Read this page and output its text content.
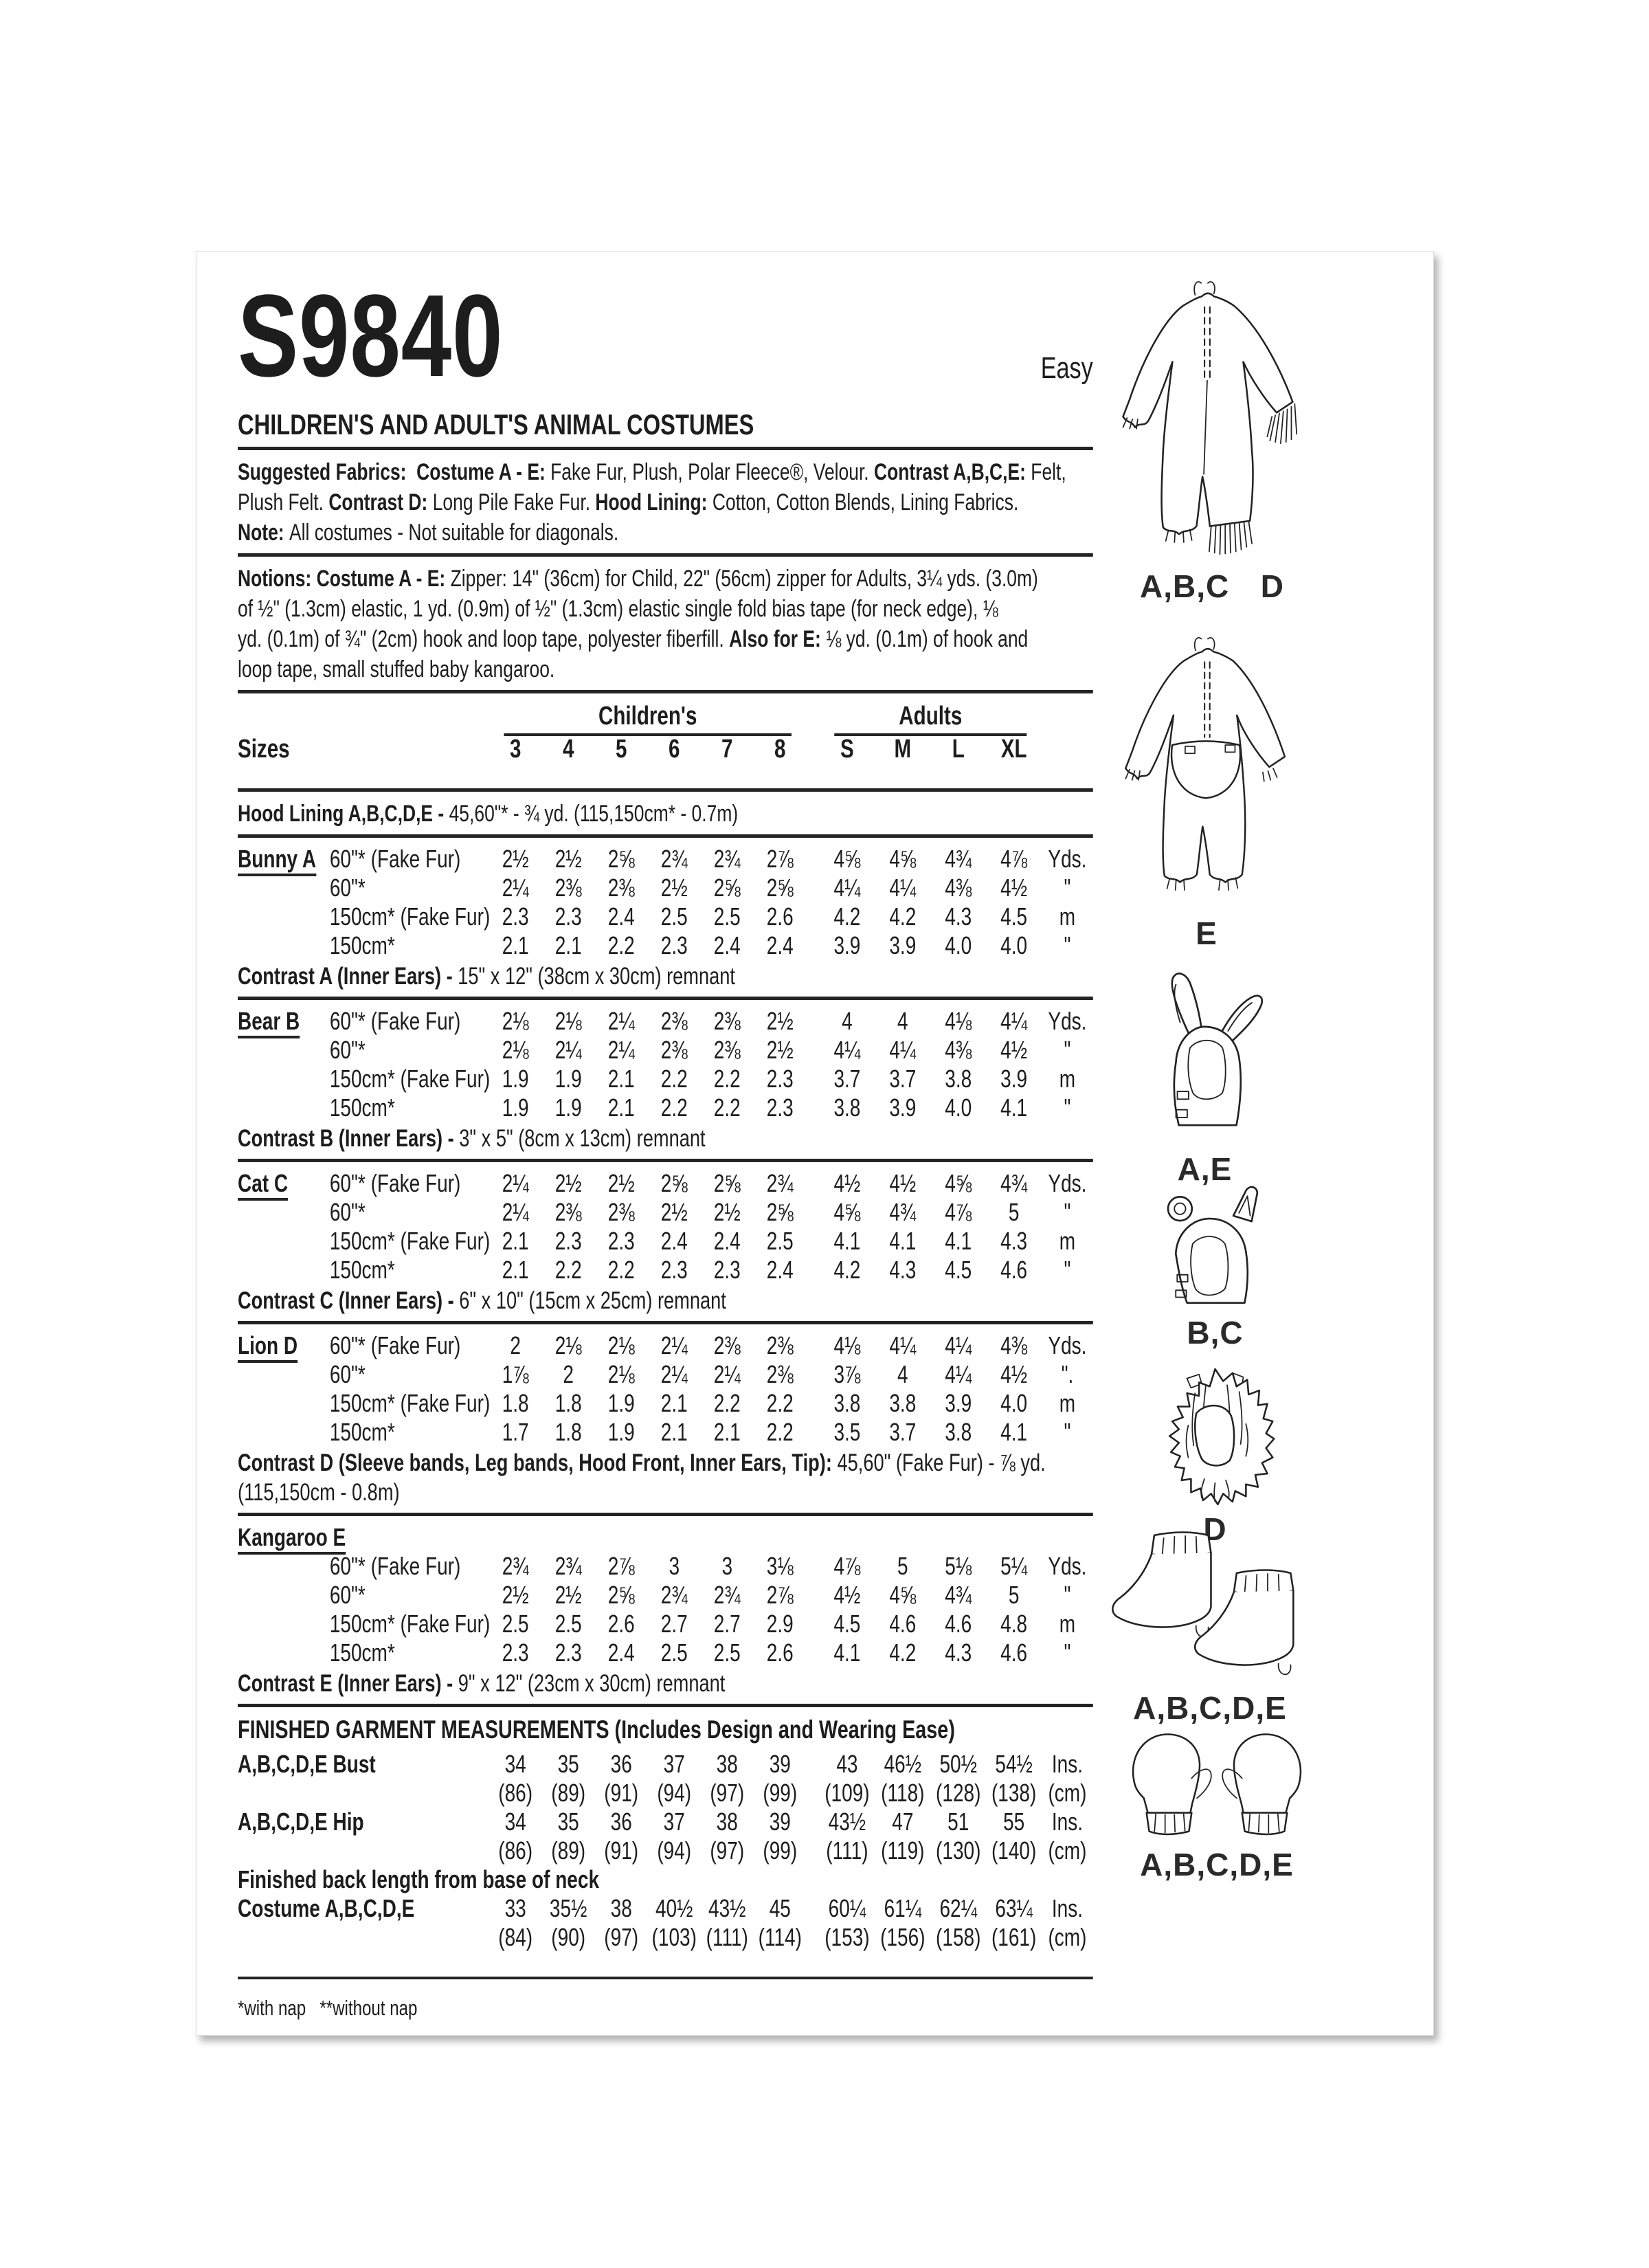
S9840	Easy
CHILDREN'S AND ADULT'S ANIMAL COSTUMES
Suggested Fabrics:  Costume A - E: Fake Fur, Plush, Polar Fleece®, Velour. Contrast A,B,C,E: Felt,
Plush Felt. Contrast D: Long Pile Fake Fur. Hood Lining: Cotton, Cotton Blends, Lining Fabrics.
Note: All costumes - Not suitable for diagonals.
Notions: Costume A - E: Zipper: 14" (36cm) for Child, 22" (56cm) zipper for Adults, 3¼ yds. (3.0m)
of ½" (1.3cm) elastic, 1 yd. (0.9m) of ½" (1.3cm) elastic single fold bias tape (for neck edge), ⅛
yd. (0.1m) of ¾" (2cm) hook and loop tape, polyester fiberfill. Also for E: ⅛ yd. (0.1m) of hook and
loop tape, small stuffed baby kangaroo.
Children's	Adults
Sizes	3	4	5	6	7	8	S	M	L	XL
Hood Lining A,B,C,D,E - 45,60"* - ¾ yd. (115,150cm* - 0.7m)
Bunny A 60"* (Fake Fur)	2½	2½	2⅝	2¾	2¾	2⅞	4⅝	4⅝	4¾	4⅞ Yds.
60"*	2¼	2⅜	2⅜	2½	2⅝	2⅝	4¼	4¼	4⅜	4½	"
150cm* (Fake Fur) 2.3	2.3	2.4	2.5	2.5	2.6	4.2	4.2	4.3	4.5	m
150cm*	2.1	2.1	2.2	2.3	2.4	2.4	3.9	3.9	4.0	4.0	"
Contrast A (Inner Ears) - 15" x 12" (38cm x 30cm) remnant
Bear B	60"* (Fake Fur)	2⅛	2⅛	2¼	2⅜	2⅜	2½	4	4	4⅛	4¼ Yds.
60"*	2⅛	2¼	2¼	2⅜	2⅜	2½	4¼	4¼	4⅜	4½	"
150cm* (Fake Fur) 1.9	1.9	2.1	2.2	2.2	2.3	3.7	3.7	3.8	3.9	m
150cm*	1.9	1.9	2.1	2.2	2.2	2.3	3.8	3.9	4.0	4.1	"
Contrast B (Inner Ears) - 3" x 5" (8cm x 13cm) remnant
Cat C	60"* (Fake Fur)	2¼	2½	2½	2⅝	2⅝	2¾	4½	4½	4⅝	4¾ Yds.
60"*	2¼	2⅜	2⅜	2½	2½	2⅝	4⅝	4¾	4⅞	5	"
150cm* (Fake Fur) 2.1	2.3	2.3	2.4	2.4	2.5	4.1	4.1	4.1	4.3	m
150cm*	2.1	2.2	2.2	2.3	2.3	2.4	4.2	4.3	4.5	4.6	"
Contrast C (Inner Ears) - 6" x 10" (15cm x 25cm) remnant
Lion D	60"* (Fake Fur)	2	2⅛	2⅛	2¼	2⅜	2⅜	4⅛	4¼	4¼	4⅜ Yds.
60"*	1⅞	2	2⅛	2¼	2¼	2⅜	3⅞	4	4¼	4½	".
150cm* (Fake Fur) 1.8	1.8	1.9	2.1	2.2	2.2	3.8	3.8	3.9	4.0	m
150cm*	1.7	1.8	1.9	2.1	2.1	2.2	3.5	3.7	3.8	4.1	"
Contrast D (Sleeve bands, Leg bands, Hood Front, Inner Ears, Tip): 45,60" (Fake Fur) - ⅞ yd.
(115,150cm - 0.8m)
Kangaroo E
60"* (Fake Fur)	2¾	2¾	2⅞	3	3	3⅛	4⅞	5	5⅛	5¼ Yds.
60"*	2½	2½	2⅝	2¾	2¾	2⅞	4½	4⅝	4¾	5	"
150cm* (Fake Fur) 2.5	2.5	2.6	2.7	2.7	2.9	4.5	4.6	4.6	4.8	m
150cm*	2.3	2.3	2.4	2.5	2.5	2.6	4.1	4.2	4.3	4.6	"
Contrast E (Inner Ears) - 9" x 12" (23cm x 30cm) remnant
FINISHED GARMENT MEASUREMENTS (Includes Design and Wearing Ease)
A,B,C,D,E Bust	34	35	36	37	38	39	43	46½ 50½ 54½ Ins.
(86) (89) (91) (94) (97) (99)	(109) (118) (128) (138) (cm)
A,B,C,D,E Hip	34	35	36	37	38	39	43½	47	51	55	Ins.
(86) (89) (91) (94) (97) (99)	(111) (119) (130) (140) (cm)
Finished back length from base of neck
Costume A,B,C,D,E	33 35½ 38 40½ 43½ 45	60¼ 61¼ 62¼ 63¼ Ins.
(84) (90) (97) (103) (111) (114) (153) (156) (158) (161) (cm)
*with nap   **without nap
A,B,C D
E
A,E
B,C
D
A,B,C,D,E
A,B,C,D,E
